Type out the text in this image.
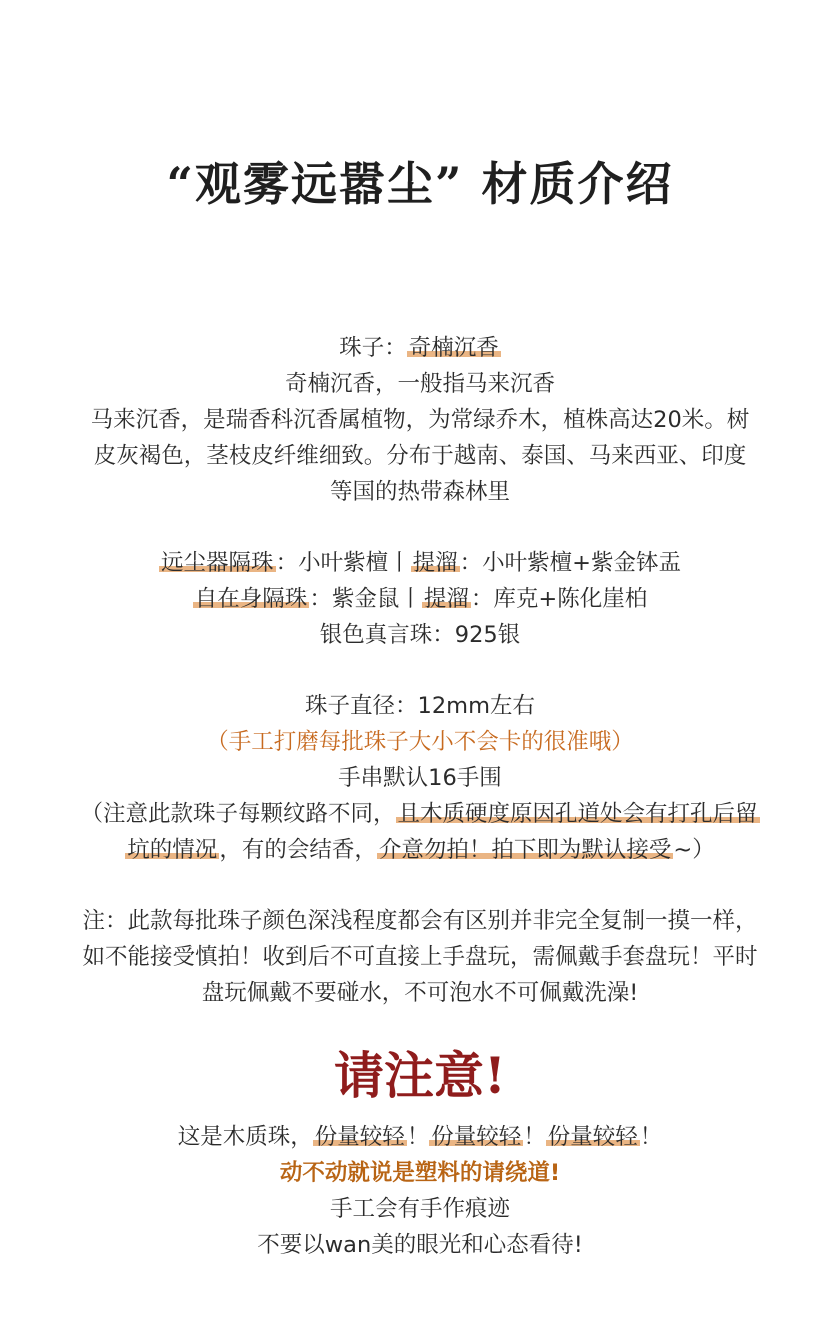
“观雾远嚣尘” 材质介绍
珠子：奇楠沉香
奇楠沉香，一般指马来沉香
马来沉香，是瑞香科沉香属植物，为常绿乔木，植株高达20米。树
皮灰褐色，茎枝皮纤维细致。分布于越南、泰国、马来西亚、印度
等国的热带森林里
远尘器隔珠：小叶紫檀丨提溜：小叶紫檀+紫金钵盂
自在身隔珠：紫金鼠丨提溜：库克+陈化崖柏
银色真言珠：925银
珠子直径：12mm左右
（手工打磨每批珠子大小不会卡的很准哦）
手串默认16手围
（注意此款珠子每颗纹路不同，且木质硬度原因孔道处会有打孔后留
坑的情况，有的会结香，介意勿拍！拍下即为默认接受~）
注：此款每批珠子颜色深浅程度都会有区别并非完全复制一摸一样，
如不能接受慎拍！收到后不可直接上手盘玩，需佩戴手套盘玩！平时
盘玩佩戴不要碰水，不可泡水不可佩戴洗澡!
请注意!
这是木质珠，份量较轻！份量较轻！份量较轻！
动不动就说是塑料的请绕道!
手工会有手作痕迹
不要以wan美的眼光和心态看待!
